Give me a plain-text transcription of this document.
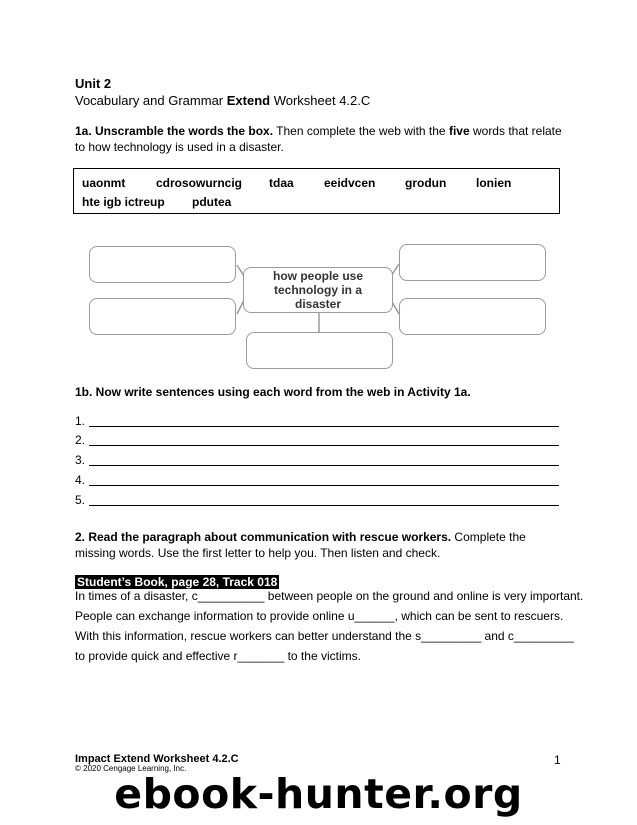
Unit 2
Vocabulary and Grammar Extend Worksheet 4.2.C
1a. Unscramble the words the box. Then complete the web with the five words that relate to how technology is used in a disaster.
uaonmt	cdrosowurncig tdaa	eeidvcen grodun lonien
hte igb ictreup pdutea
how people use technology in a disaster
1b. Now write sentences using each word from the web in Activity 1a.
1.
2.
3.
4.
5.
2. Read the paragraph about communication with rescue workers. Complete the missing words. Use the first letter to help you. Then listen and check.
Student’s Book, page 28, Track 018
In times of a disaster, c__________ between people on the ground and online is very important.
People can exchange information to provide online u______, which can be sent to rescuers.
With this information, rescue workers can better understand the s_________ and c_________
to provide quick and effective r_______ to the victims.
Impact Extend Worksheet 4.2.C
© 2020 Cengage Learning, Inc.
1
ebook-hunter.org
